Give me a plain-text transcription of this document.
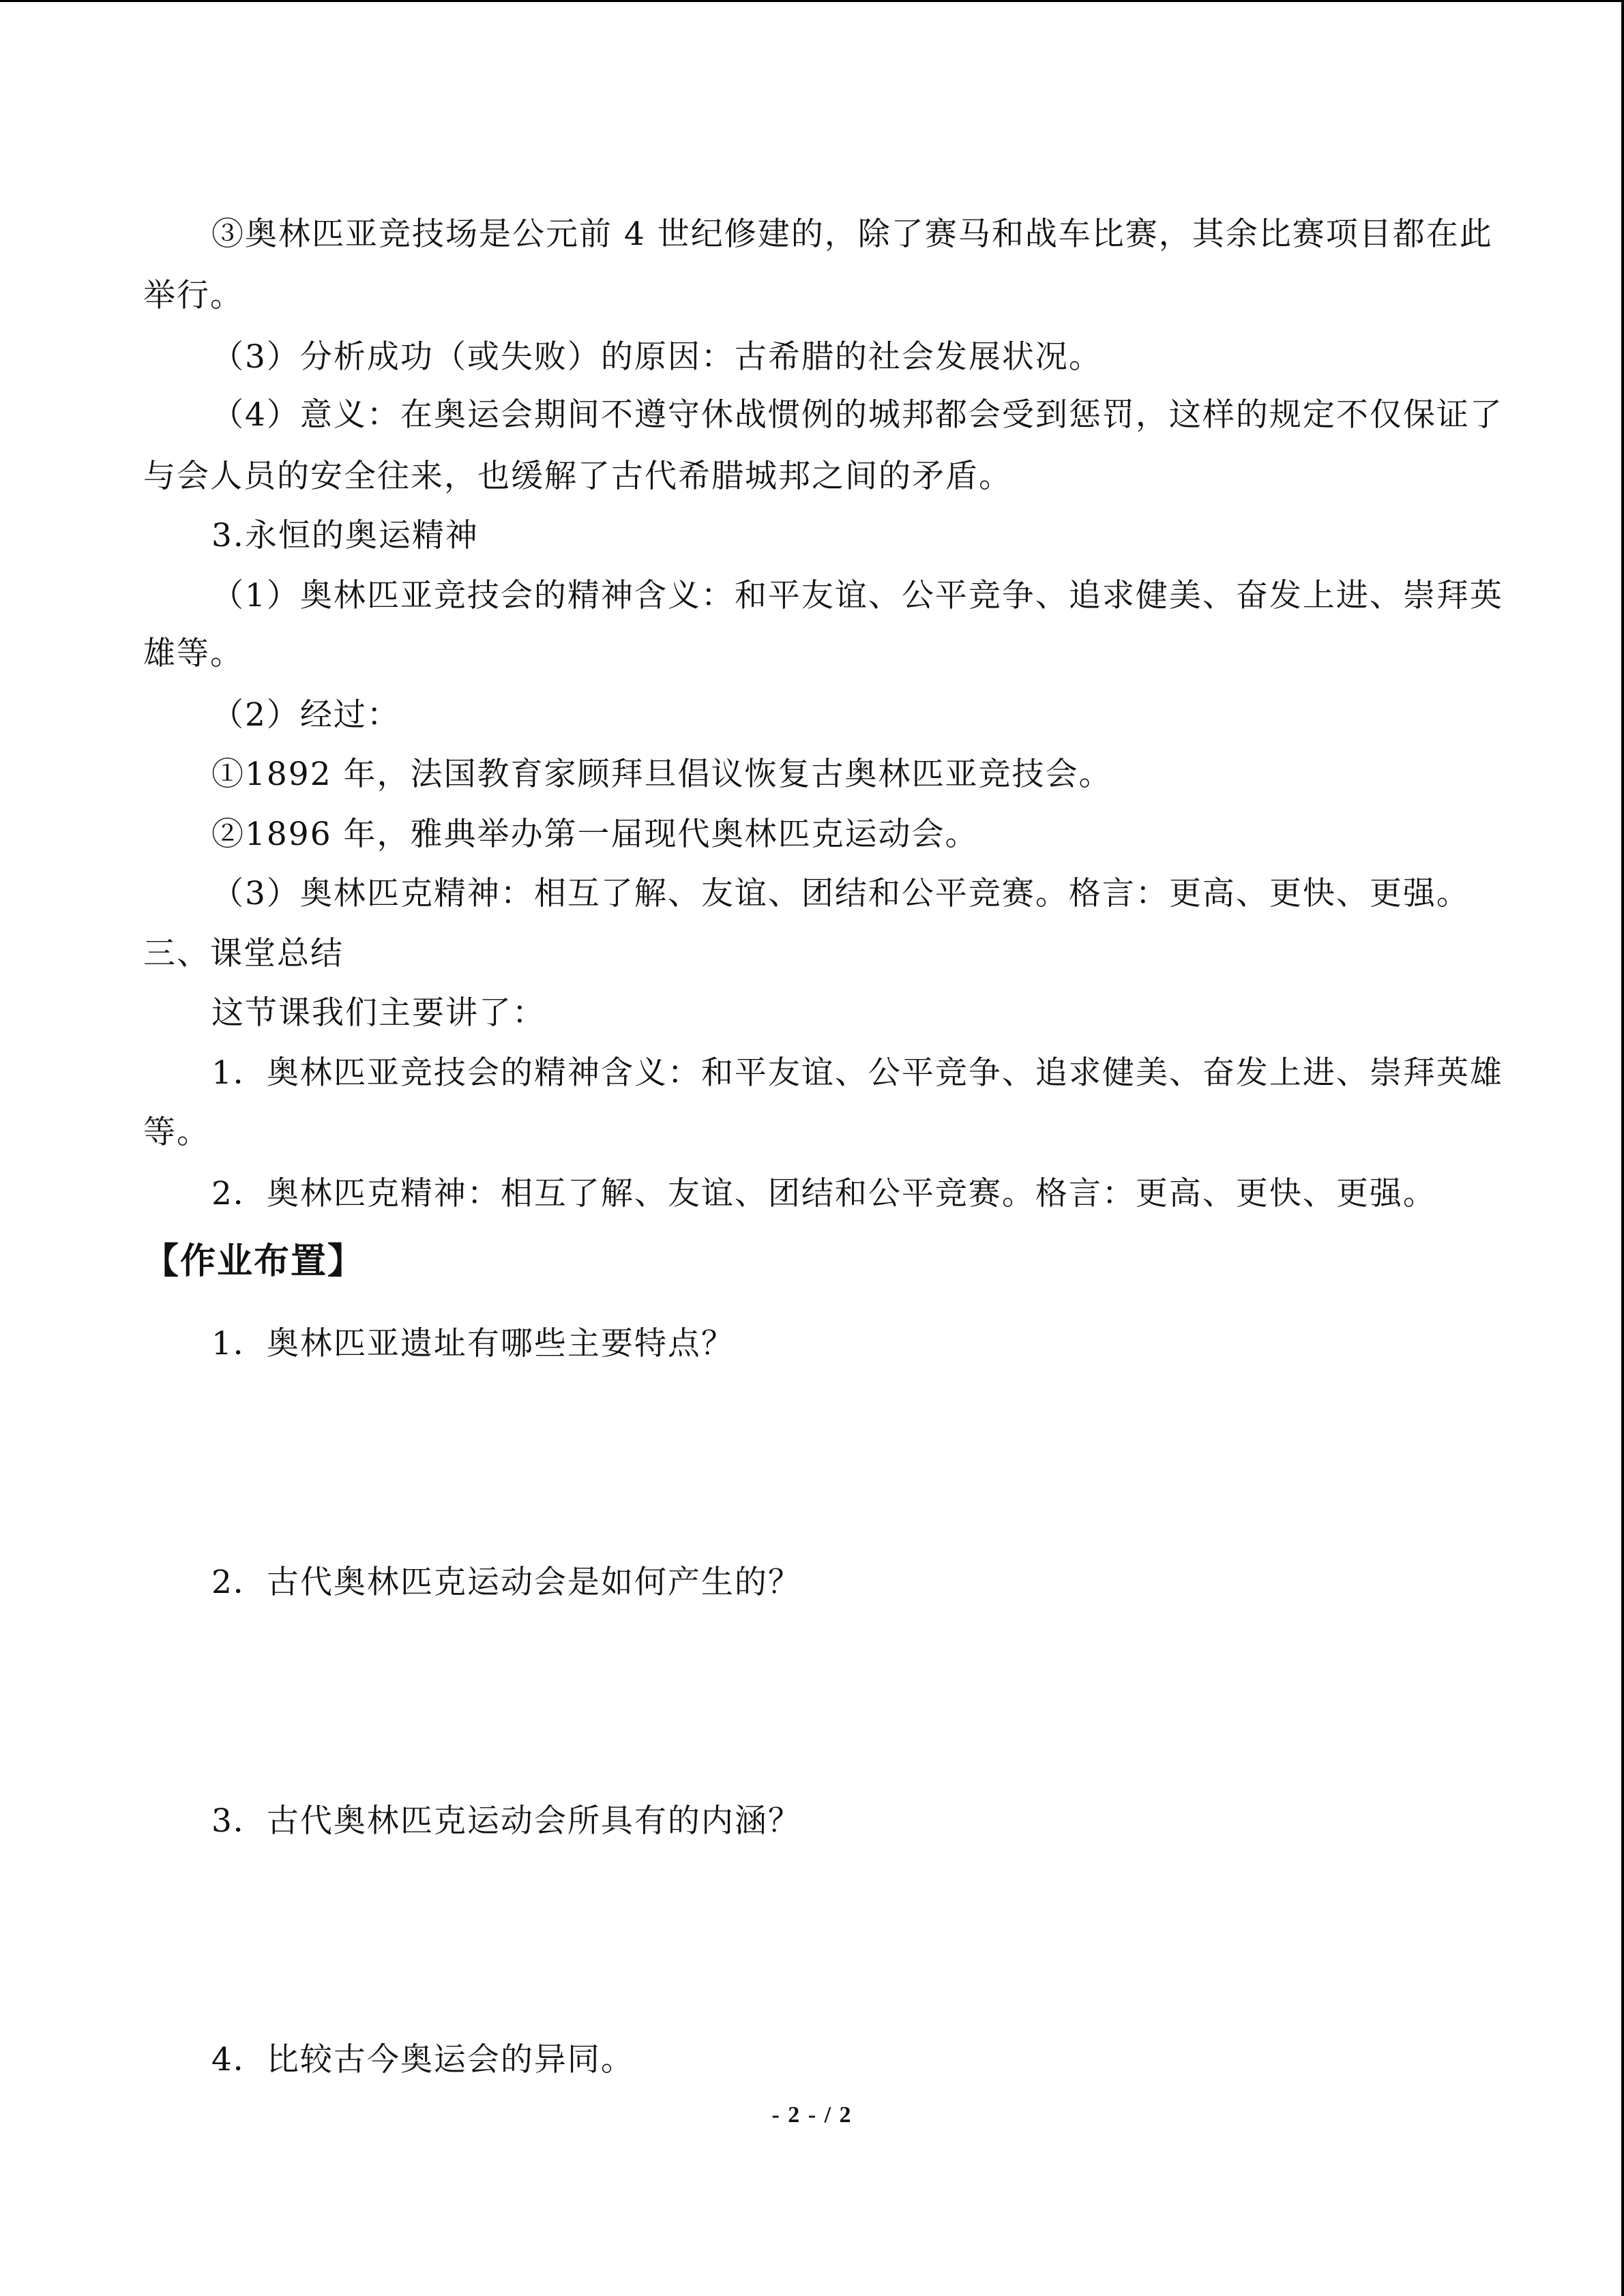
③奥林匹亚竞技场是公元前 4 世纪修建的，除了赛马和战车比赛，其余比赛项目都在此
举行。
（3）分析成功（或失败）的原因：古希腊的社会发展状况。
（4）意义：在奥运会期间不遵守休战惯例的城邦都会受到惩罚，这样的规定不仅保证了
与会人员的安全往来，也缓解了古代希腊城邦之间的矛盾。
3.永恒的奥运精神
（1）奥林匹亚竞技会的精神含义：和平友谊、公平竞争、追求健美、奋发上进、崇拜英
雄等。
（2）经过：
①1892 年，法国教育家顾拜旦倡议恢复古奥林匹亚竞技会。
②1896 年，雅典举办第一届现代奥林匹克运动会。
（3）奥林匹克精神：相互了解、友谊、团结和公平竞赛。格言：更高、更快、更强。
三、课堂总结
这节课我们主要讲了：
1．奥林匹亚竞技会的精神含义：和平友谊、公平竞争、追求健美、奋发上进、崇拜英雄
等。
2．奥林匹克精神：相互了解、友谊、团结和公平竞赛。格言：更高、更快、更强。
【作业布置】
1．奥林匹亚遗址有哪些主要特点？
2．古代奥林匹克运动会是如何产生的？
3．古代奥林匹克运动会所具有的内涵？
4．比较古今奥运会的异同。
- 2 - / 2
